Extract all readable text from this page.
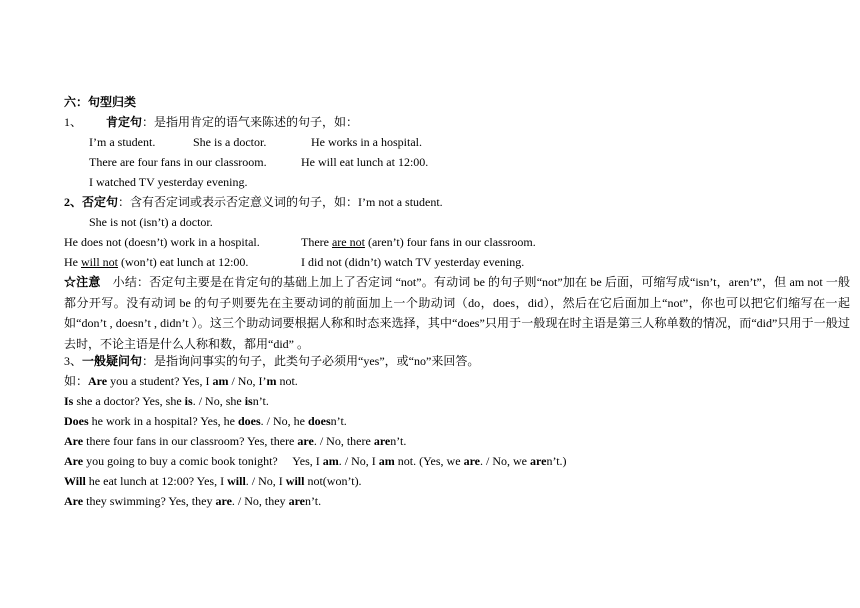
六：句型归类
1、 肯定句：是指用肯定的语气来陈述的句子，如：
I’m a student.	She is a doctor.	He works in a hospital.
There are four fans in our classroom.	He will eat lunch at 12:00.
I watched TV yesterday evening.
2、否定句：含有否定词或表示否定意义词的句子，如：I’m not a student.
She is not (isn’t) a doctor.
He does not (doesn’t) work in a hospital.	There are not (aren’t) four fans in our classroom.
He will not (won’t) eat lunch at 12:00.	I did not (didn’t) watch TV yesterday evening.
☆注意　小结：否定句主要是在肯定句的基础上加上了否定词 “not”。有动词 be 的句子则“not”加在 be 后面，可缩写成“isn’t，aren’t”，但 am not 一般都分开写。没有动词 be 的句子则要先在主要动词的前面加上一个助动词（do，does，did），然后在它后面加上“not”，你也可以把它们缩写在一起如“don’t , doesn’t , didn’t ）。这三个助动词要根据人称和时态来选择，其中“does”只用于一般现在时主语是第三人称单数的情况，而“did”只用于一般过去时，不论主语是什么人称和数，都用“did” 。
3、一般疑问句：是指询问事实的句子，此类句子必须用“yes”，或“no”来回答。
如：Are you a student? Yes, I am / No, I’m not.
Is she a doctor? Yes, she is. / No, she isn’t.
Does he work in a hospital? Yes, he does. / No, he doesn’t.
Are there four fans in our classroom? Yes, there are. / No, there aren’t.
Are you going to buy a comic book tonight?　 Yes, I am. / No, I am not. (Yes, we are. / No, we aren’t.)
Will he eat lunch at 12:00? Yes, I will. / No, I will not(won’t).
Are they swimming? Yes, they are. / No, they aren’t.
